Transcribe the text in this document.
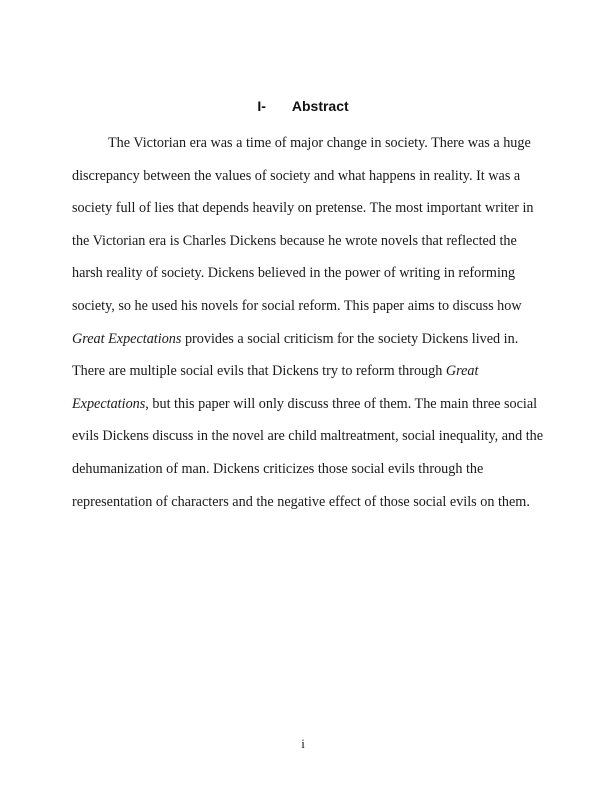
I- Abstract
The Victorian era was a time of major change in society. There was a huge
discrepancy between the values of society and what happens in reality. It was a
society full of lies that depends heavily on pretense. The most important writer in
the Victorian era is Charles Dickens because he wrote novels that reflected the
harsh reality of society. Dickens believed in the power of writing in reforming
society, so he used his novels for social reform. This paper aims to discuss how
Great Expectations provides a social criticism for the society Dickens lived in.
There are multiple social evils that Dickens try to reform through Great
Expectations, but this paper will only discuss three of them. The main three social
evils Dickens discuss in the novel are child maltreatment, social inequality, and the
dehumanization of man. Dickens criticizes those social evils through the
representation of characters and the negative effect of those social evils on them.
i
